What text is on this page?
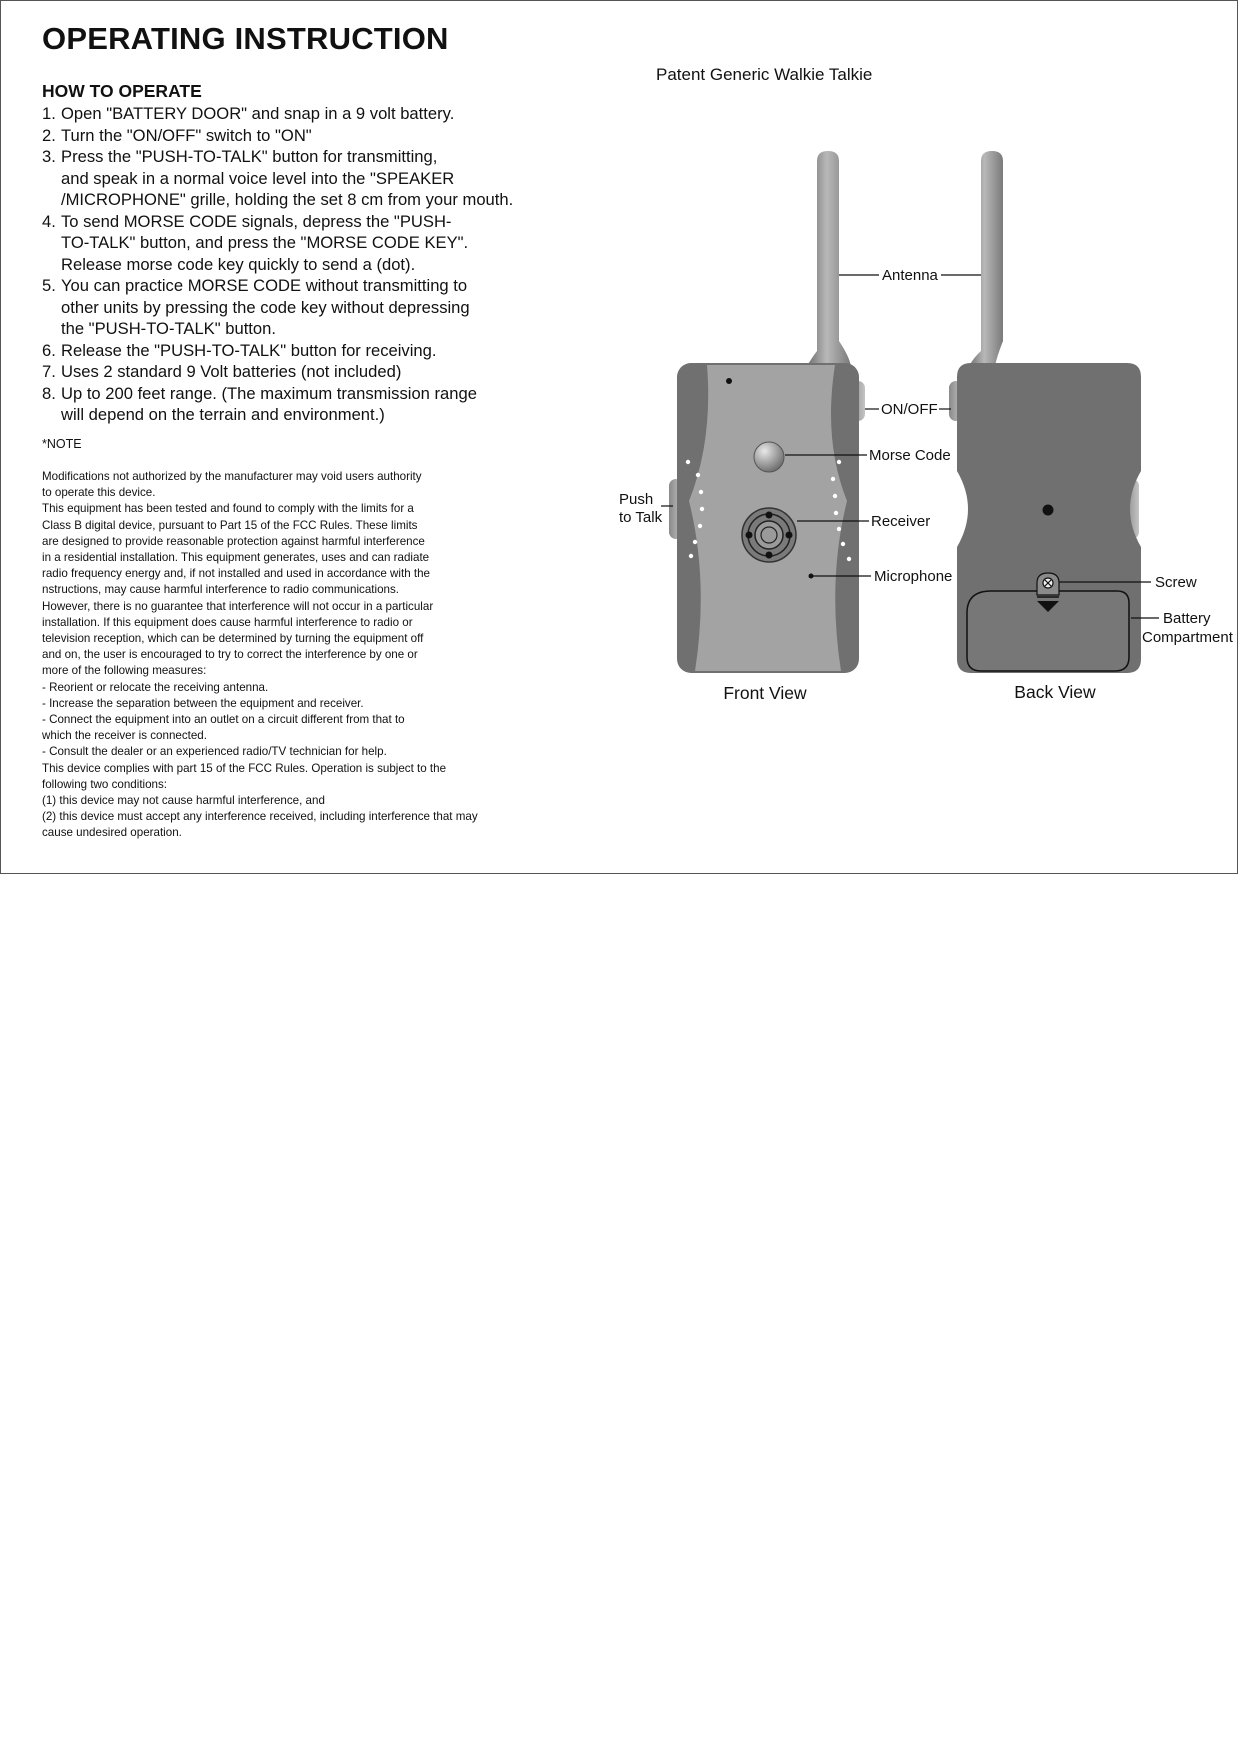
OPERATING INSTRUCTION
HOW TO OPERATE
1. Open "BATTERY DOOR" and snap in a 9 volt battery.
2. Turn the "ON/OFF" switch to "ON"
3. Press the "PUSH-TO-TALK" button for transmitting,
and speak in a normal voice level into the "SPEAKER
/MICROPHONE" grille, holding the set 8 cm from your mouth.
4. To send MORSE CODE signals, depress the "PUSH-
TO-TALK" button, and press the "MORSE CODE KEY".
Release morse code key quickly to send a (dot).
5. You can practice MORSE CODE without transmitting to
other units by pressing the code key without depressing
the "PUSH-TO-TALK" button.
6. Release the "PUSH-TO-TALK" button for receiving.
7. Uses 2 standard 9 Volt batteries (not included)
8. Up to 200 feet range. (The maximum transmission range
will depend on the terrain and environment.)
*NOTE
Modifications not authorized by the manufacturer may void users authority
to operate this device.
This equipment has been tested and found to comply with the limits for a
Class B digital device, pursuant to Part 15 of the FCC Rules. These limits
are designed to provide reasonable protection against harmful interference
in a residential installation. This equipment generates, uses and can radiate
radio frequency energy and, if not installed and used in accordance with the
nstructions, may cause harmful interference to radio communications.
However, there is no guarantee that interference will not occur in a particular
installation. If this equipment does cause harmful interference to radio or
television reception, which can be determined by turning the equipment off
and on, the user is encouraged to try to correct the interference by one or
more of the following measures:
- Reorient or relocate the receiving antenna.
- Increase the separation between the equipment and receiver.
- Connect the equipment into an outlet on a circuit different from that to
which the receiver is connected.
- Consult the dealer or an experienced radio/TV technician for help.
This device complies with part 15 of the FCC Rules. Operation is subject to the
following two conditions:
(1) this device may not cause harmful interference, and
(2) this device must accept any interference received, including interference that may
cause undesired operation.
Patent Generic Walkie Talkie
Antenna
ON/OFF
Morse Code
Push
to Talk	Receiver
Microphone	Screw
Battery
Compartment
Front View	Back View
